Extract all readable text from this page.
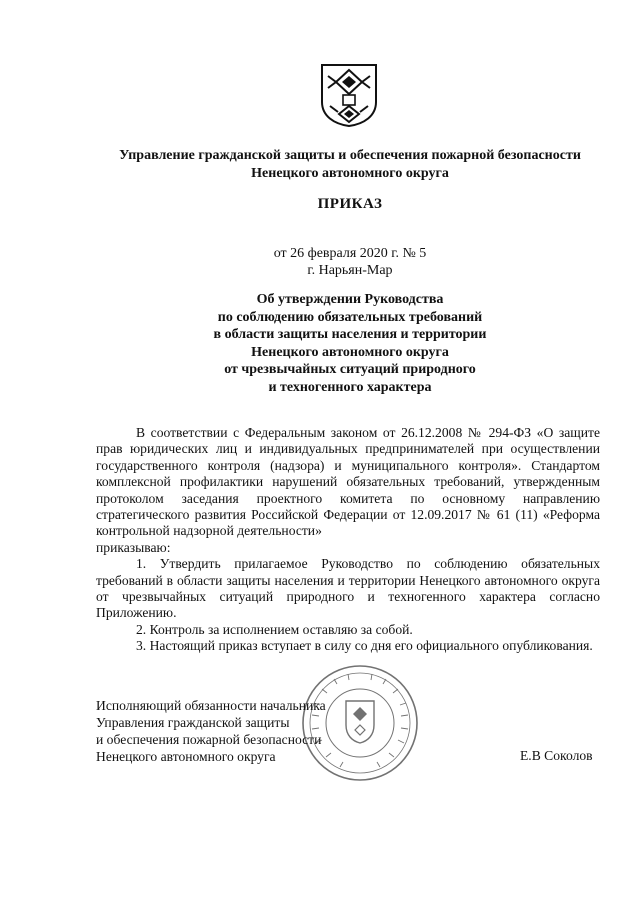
Управление гражданской защиты и обеспечения пожарной безопасности
Ненецкого автономного округа
ПРИКАЗ
от 26 февраля 2020 г. № 5
г. Нарьян-Мар
Об утверждении Руководства
по соблюдению обязательных требований
в области защиты населения и территории
Ненецкого автономного округа
от чрезвычайных ситуаций природного
и техногенного характера

В соответствии с Федеральным законом от 26.12.2008 № 294-ФЗ «О защите прав юридических лиц и индивидуальных предпринимателей при осуществлении государственного контроля (надзора) и муниципального контроля». Стандартом комплексной профилактики нарушений обязательных требований, утвержденным протоколом заседания проектного комитета по основному направлению стратегического развития Российской Федерации от 12.09.2017 № 61 (11) «Реформа контрольной надзорной деятельности»

приказываю:

1. Утвердить прилагаемое Руководство по соблюдению обязательных требований в области защиты населения и территории Ненецкого автономного округа от чрезвычайных ситуаций природного и техногенного характера согласно Приложению.

2. Контроль за исполнением оставляю за собой.

3. Настоящий приказ вступает в силу со дня его официального опубликования.

Исполняющий обязанности начальника
Управления гражданской защиты
и обеспечения пожарной безопасности
Ненецкого автономного округа	Е.В Соколов
